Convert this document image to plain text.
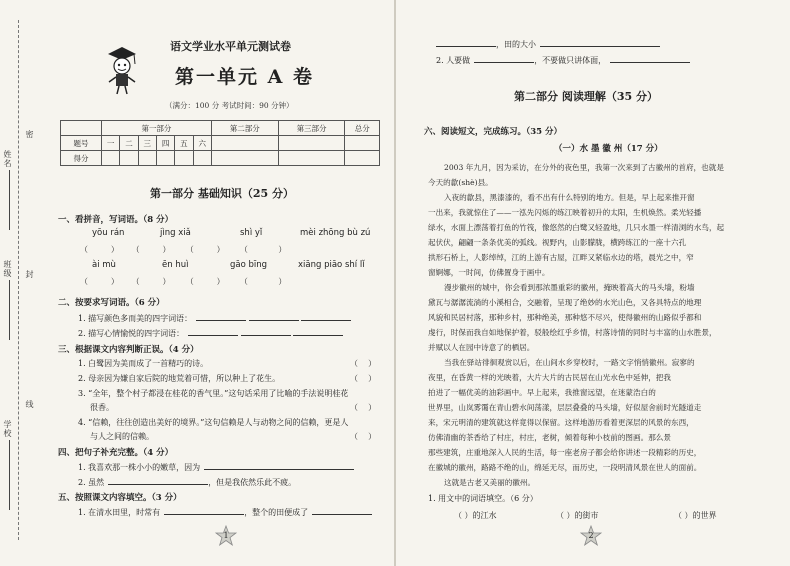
姓名
班级
学校
密
封
线
语文学业水平单元测试卷
第一单元 A 卷
（满分：100 分 考试时间：90 分钟）
	第一部分						第二部分	第三部分	总分
题号	一	二	三	四	五	六			
得分									
第一部分 基础知识（25 分）
一、看拼音，写词语。（8 分）
yōu rán	jìng xiǎ	shì yǐ	mèi zhōng bù zú
（         ）     （         ）      （         ）      （            ）
ài mù	ēn huì	gāo bīng	xiāng piāo shí lǐ
（         ）     （         ）      （         ）      （            ）
二、按要求写词语。（6 分）
1. 描写颜色多而美的四字词语：
2. 描写心情愉悦的四字词语：
三、根据课文内容判断正误。（4 分）
1. 白鹭因为美而成了一首精巧的诗。
2. 母亲因为嫌自家后院的地荒着可惜，所以种上了花生。
3. “全年，整个村子都浸在桂花的香气里。”这句话采用了比喻的手法说明桂花
很香。
4. “信赖，往往创造出美好的境界。”这句信赖是人与动物之间的信赖，更是人
与人之间的信赖。
（    ）
（    ）
（    ）
（    ）
四、把句子补充完整。（4 分）
1. 我喜欢那一株小小的嫩草，因为
2. 虽然	，但是我依然乐此不疲。
五、按照课文内容填空。（3 分）
1. 在清水田里，时常有	，整个的田便成了
1
，田的大小
2. 人要做	，不要做只讲体面，
第二部分 阅读理解（35 分）
六、阅读短文，完成练习。（35 分）
（一）水 墨 徽 州（17 分）
2003 年九月，因为采访，在分外的夜色里，我第一次来到了古徽州的首府，也就是
今天的歙(shè)县。
入夜的歙县，黑漆漆的，看不出有什么特别的地方。但是，早上起来推开窗
一出来，我就惊住了——一泓先闪烁的练江映着初升的太阳，生机焕然。柔光轻播
绿水，水面上漂荡着打鱼的竹筏，像悠然的白鹭又轻盈地，几只水墨一样清浏的水鸟，起
起伏伏，翩翩一条条优美的弧线。视野内，山影朦胧，横跨练江的一座十六孔
拱形石桥上，人影绰绰，江的上游有古屋，江畔又紧临水边的塔，晨光之中，窄
窗婀娜，一时间，仿佛置身于画中。
漫步徽州的城中，你会看到那浓墨重彩的徽州，掩映着高大的马头墙，粉墙
黛瓦与潺潺流淌的小溪相合，交融着，呈现了绝妙的水光山色，又各具特点的地理
风貌和民居村落，那种乡村，那种绝美，那种悠不尽兴，使得徽州的山路似乎都和
虔行，时保而我自如地保护着，驳般绘红乎乡情，村落诗情的同时与丰富的山水胜景，
并赋以人在园中诗意了的栖居。
当我在驿站徘徊观赏以后，在山间水乡穿校时，一路文字悄悄徽州。寂寥的
夜里，在昏黄一样的光映着，大片大片的古民居在山光水色中延伸，把我
拍进了一幅优美的油彩画中。早上起来，我推窗远望，在迷蒙浩白的
世界里，山岚雾霭在青山碧水间荡漾，层层叠叠的马头墙，好似屋舍前时光隧道走
来，宋元明清的建筑就这样竟得以保留。这样地游历看着更深层的风景的东西，
仿佛清幽的茶香给了村庄，村庄，老树，倾着每种小枝前的图画。那么景
那些建筑，庄重地深入人民的生活，每一座老房子都会给你讲述一段精彩的历史，
在徽城的徽州，路路不绝的山，绵延无尽，而历史，一段明清风景在世人的面前。
这就是古老又美丽的徽州。
1. 用文中的词语填空。（6 分）
（ ）的江水	（ ）的街市	（ ）的世界
2
